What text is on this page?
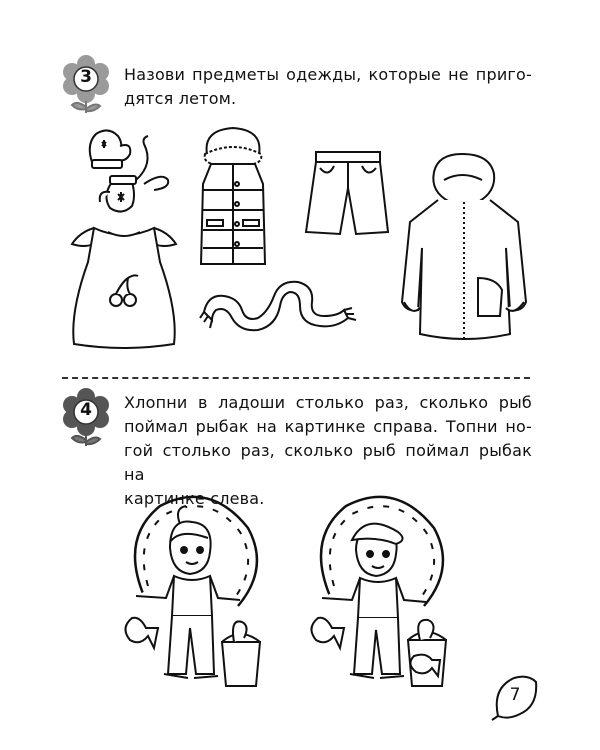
3	Назови предметы одежды, которые не приго-
дятся летом.
4	Хлопни в ладоши столько раз, сколько рыб
поймал рыбак на картинке справа. Топни но-
гой столько раз, сколько рыб поймал рыбак на
картинке слева.
7
